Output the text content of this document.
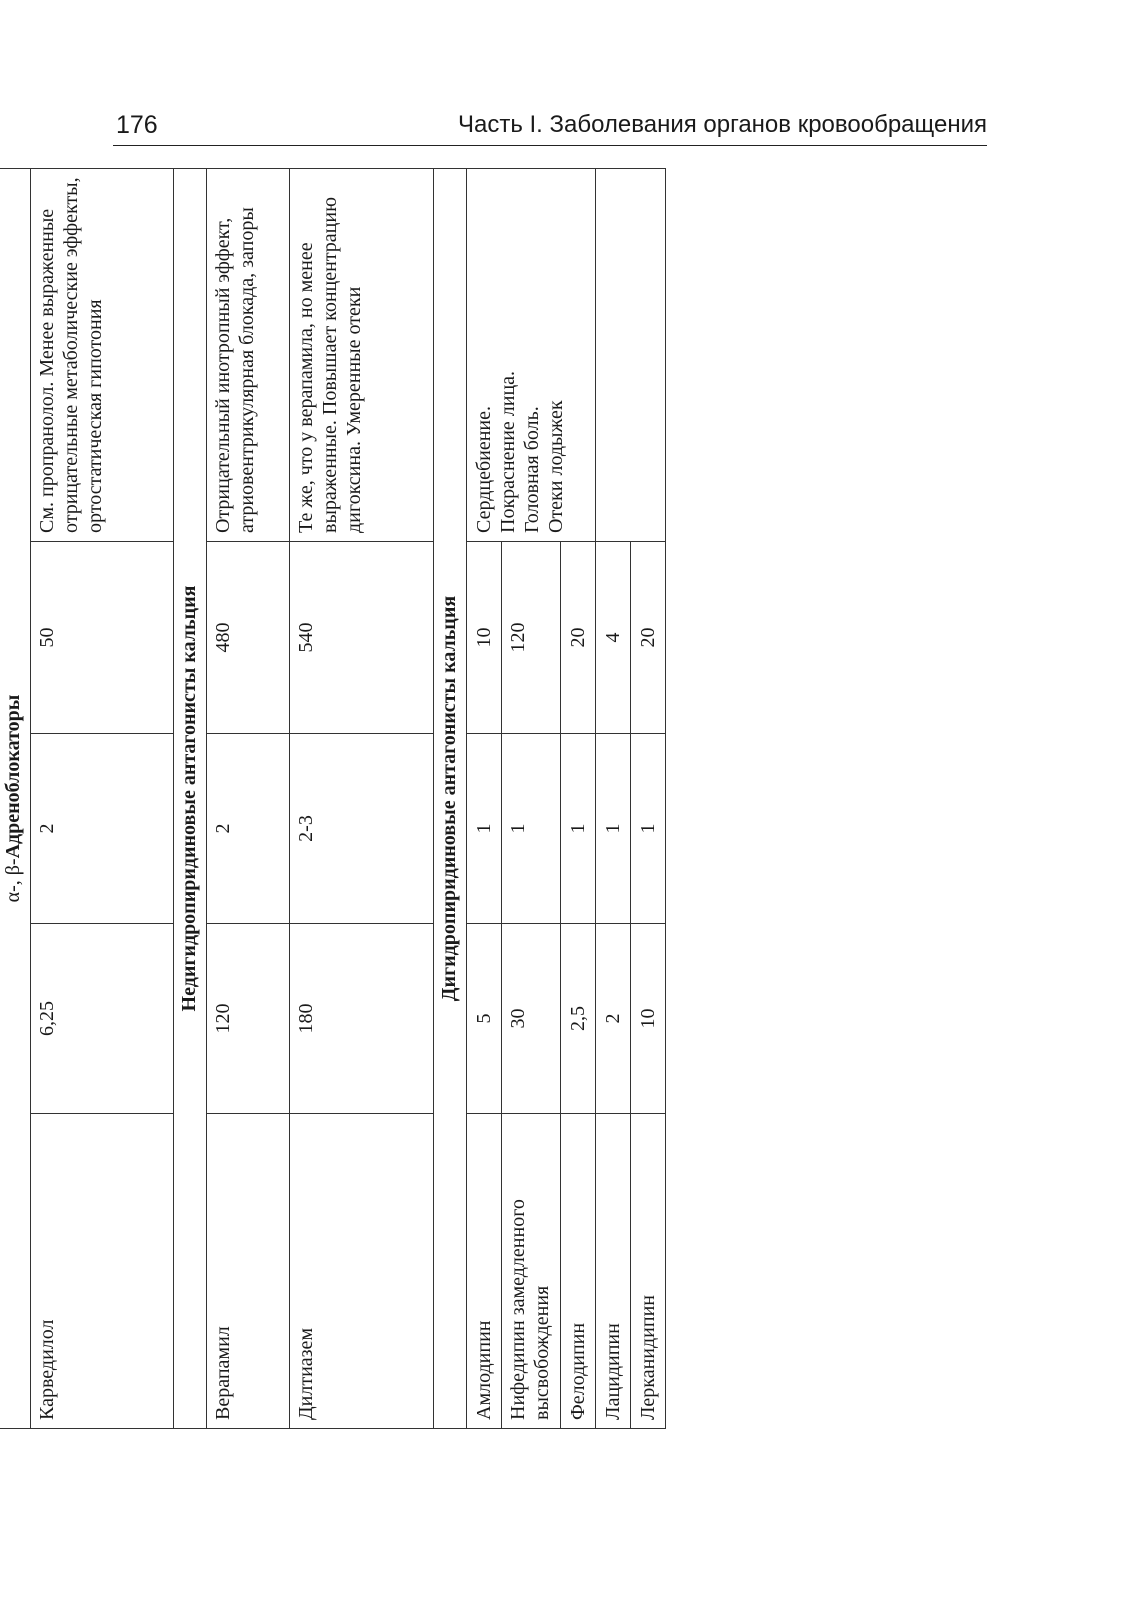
176	Часть I. Заболевания органов кровообращения

α-, β-Адреноблокаторы				
Карведилол	6,25	2	50	См. пропранолол. Менее выраженные отрицательные метаболические эффекты, ортостатическая гипотония
Недигидропиридиновые антагонисты кальция				
Верапамил	120	2	480	Отрицательный инотропный эффект, атриовентрикулярная блокада, запоры
Дилтиазем	180	2-3	540	Те же, что у верапамила, но менее выраженные. Повышает концентрацию дигоксина. Умеренные отеки
Дигидропиридиновые антагонисты кальция				
Амлодипин	5	1	10	Сердцебиение. Покраснение лица. Головная боль. Отеки лодыжек

Нифедипин замедленного высвобождения	30	1	120	
Фелодипин	2,5	1	20	
Лацидипин	2	1	4	
Лерканидипин	10	1	20	
